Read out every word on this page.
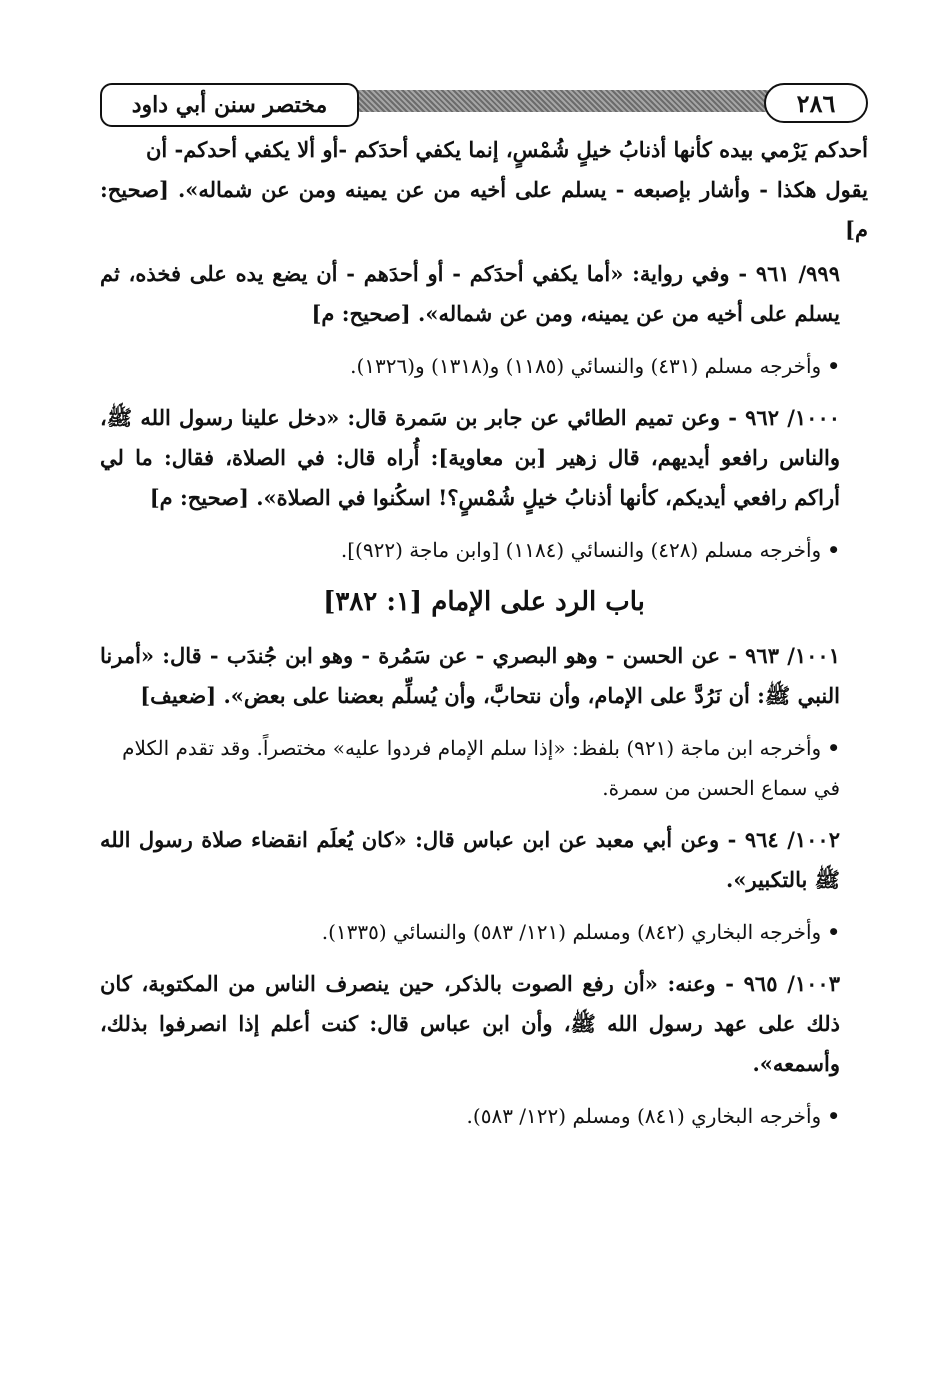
٢٨٦
مختصر سنن أبي داود

أحدكم يَرْمي بيده كأنها أذنابُ خيلٍ شُمْسٍ، إنما يكفي أحدَكم -أو ألا يكفي أحدكم- أن
يقول هكذا - وأشار بإصبعه - يسلم على أخيه من عن يمينه ومن عن شماله». [صحيح: م]

٩٩٩/ ٩٦١ - وفي رواية: «أما يكفي أحدَكم - أو أحدَهم - أن يضع يده على فخذه، ثم يسلم على أخيه من عن يمينه، ومن عن شماله». [صحيح: م]

•وأخرجه مسلم (٤٣١) والنسائي (١١٨٥) و(١٣١٨) و(١٣٢٦).

١٠٠٠/ ٩٦٢ - وعن تميم الطائي عن جابر بن سَمرة قال: «دخل علينا رسول الله ﷺ، والناس رافعو أيديهم، قال زهير [بن معاوية]: أُراه قال: في الصلاة، فقال: ما لي أراكم رافعي أيديكم، كأنها أذنابُ خيلٍ شُمْسٍ؟! اسكُنوا في الصلاة». [صحيح: م]

•وأخرجه مسلم (٤٢٨) والنسائي (١١٨٤) [وابن ماجة (٩٢٢)].

باب الرد على الإمام [١: ٣٨٢]

١٠٠١/ ٩٦٣ - عن الحسن - وهو البصري - عن سَمُرة - وهو ابن جُندَب - قال: «أمرنا النبي ﷺ: أن نَرُدَّ على الإمام، وأن نتحابَّ، وأن يُسلِّم بعضنا على بعض». [ضعيف]

•وأخرجه ابن ماجة (٩٢١) بلفظ: «إذا سلم الإمام فردوا عليه» مختصراً. وقد تقدم الكلام في سماع الحسن من سمرة.

١٠٠٢/ ٩٦٤ - وعن أبي معبد عن ابن عباس قال: «كان يُعلَم انقضاء صلاة رسول الله ﷺ بالتكبير».

•وأخرجه البخاري (٨٤٢) ومسلم (١٢١/ ٥٨٣) والنسائي (١٣٣٥).

١٠٠٣/ ٩٦٥ - وعنه: «أن رفع الصوت بالذكر، حين ينصرف الناس من المكتوبة، كان ذلك على عهد رسول الله ﷺ، وأن ابن عباس قال: كنت أعلم إذا انصرفوا بذلك، وأسمعه».

•وأخرجه البخاري (٨٤١) ومسلم (١٢٢/ ٥٨٣).
